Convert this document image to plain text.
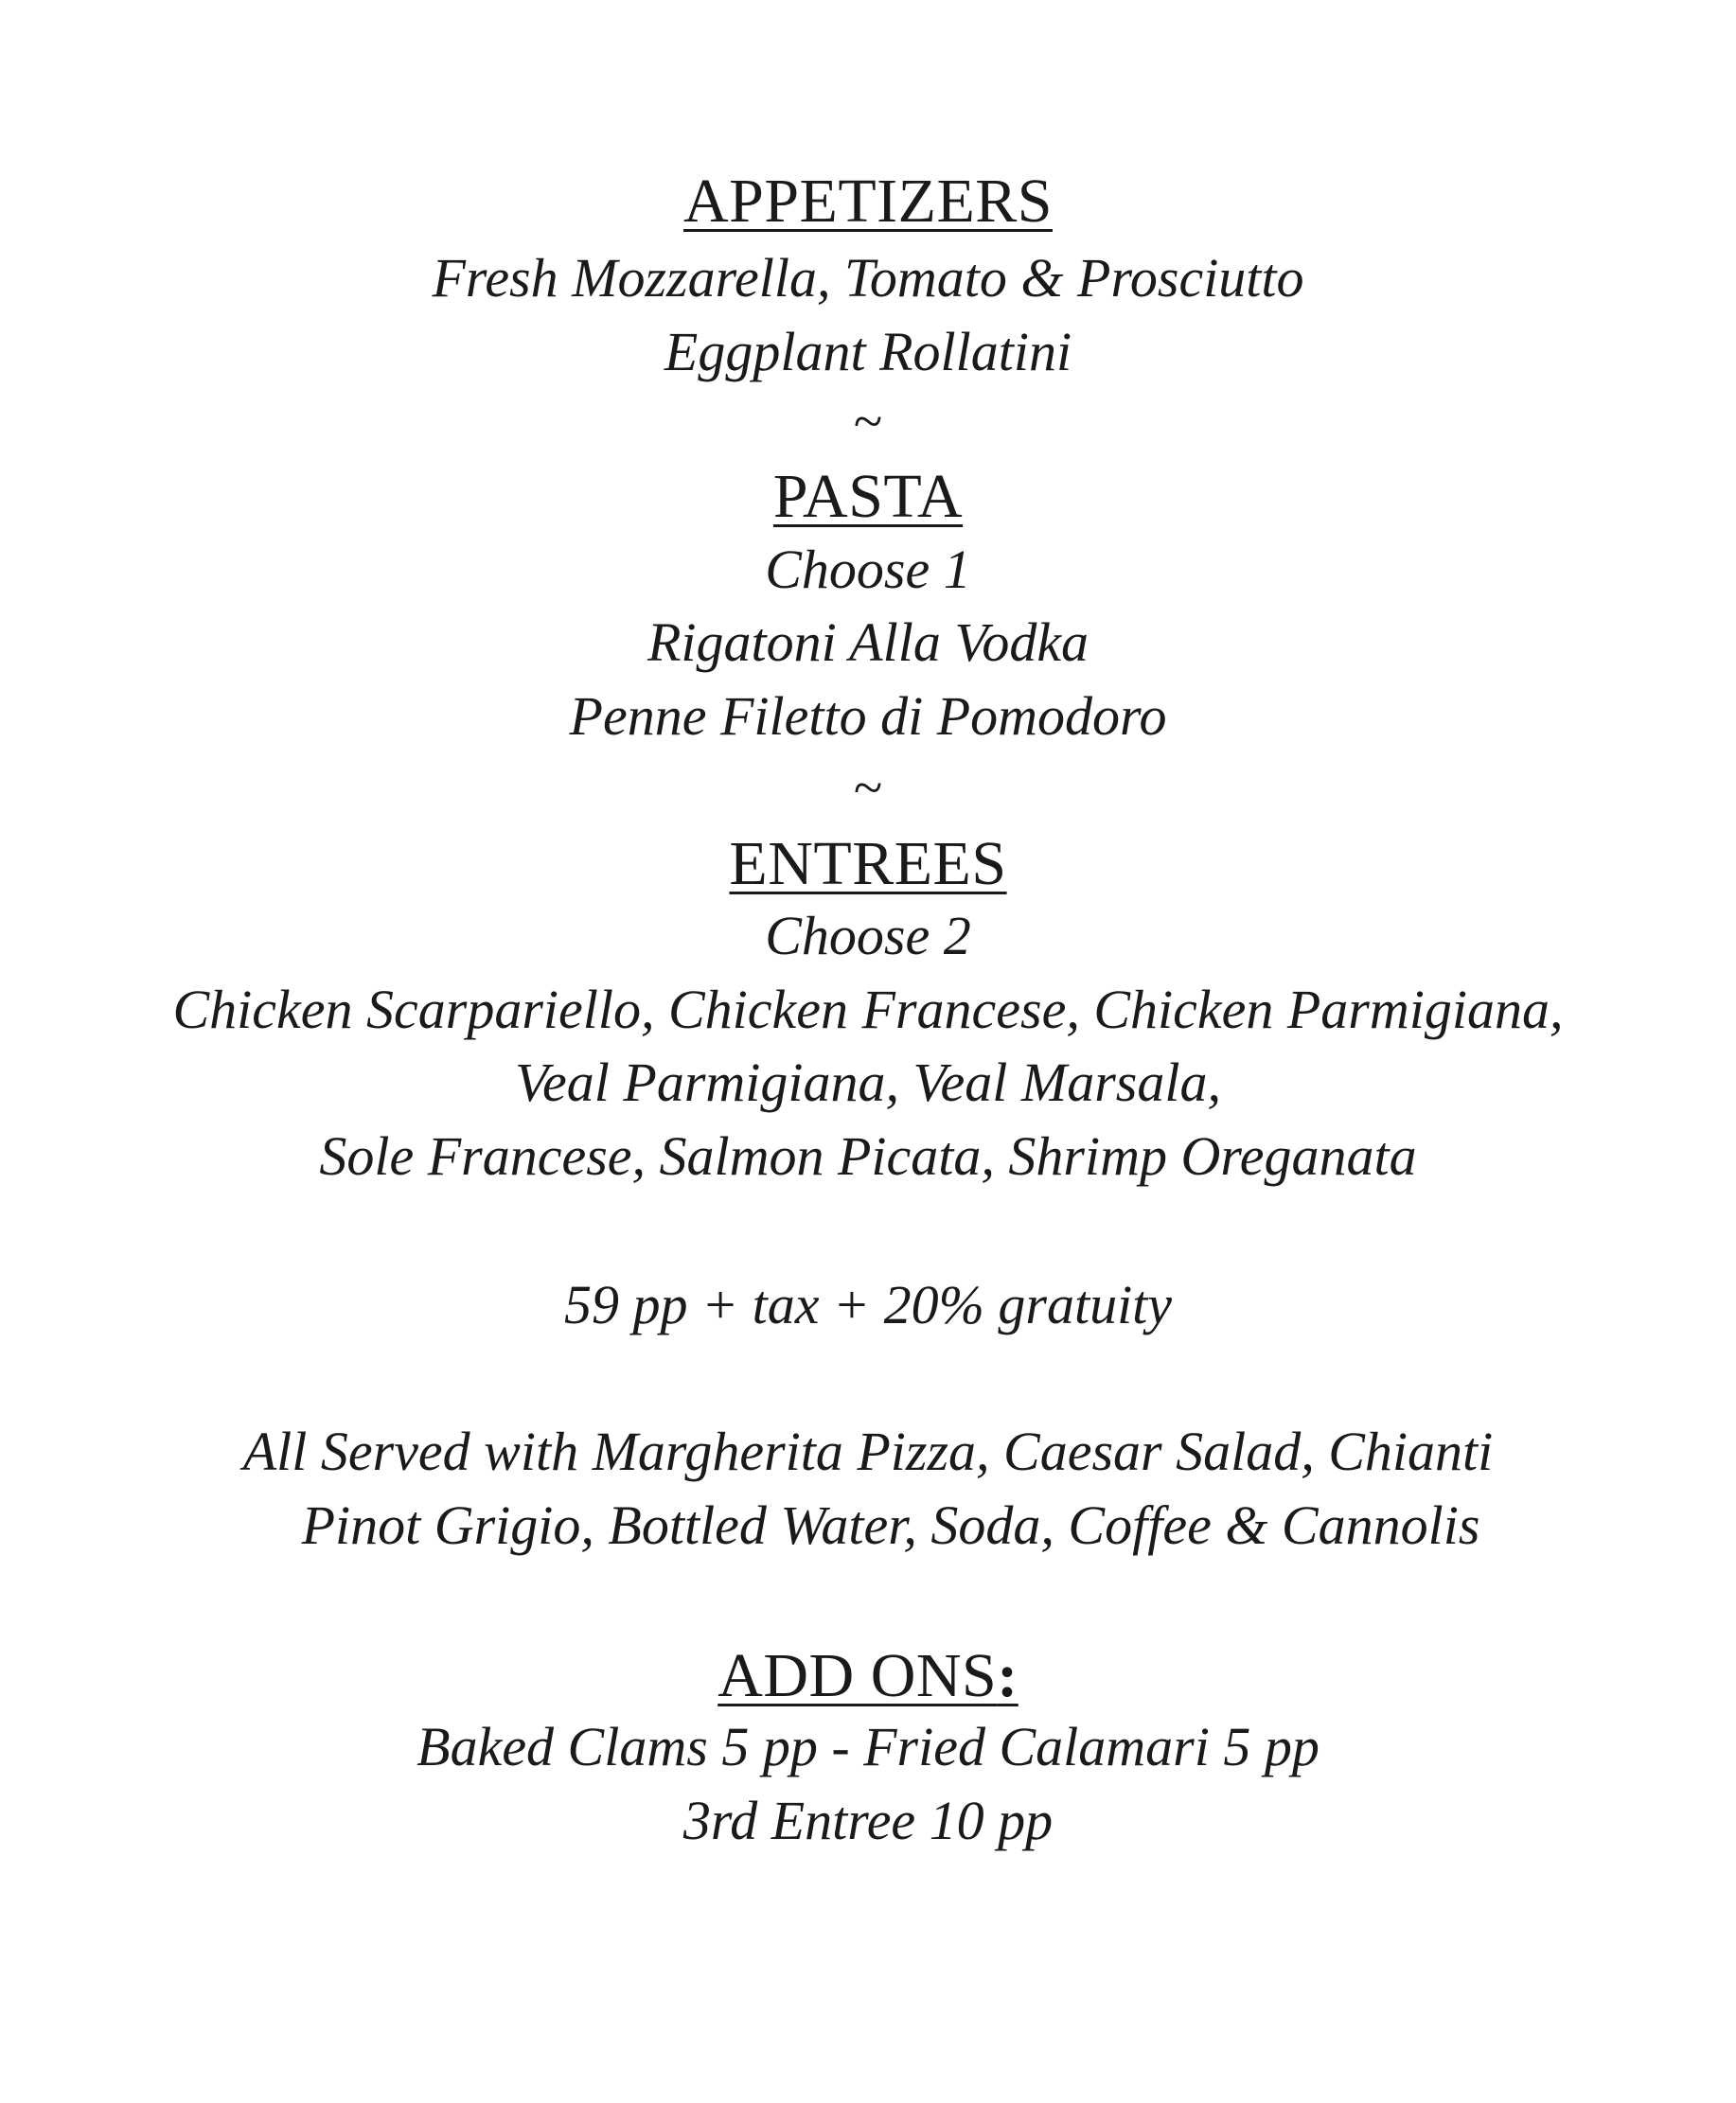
APPETIZERS
Fresh Mozzarella, Tomato & Prosciutto
Eggplant Rollatini
~
PASTA
Choose 1
Rigatoni Alla Vodka
Penne Filetto di Pomodoro
~
ENTREES
Choose 2
Chicken Scarpariello, Chicken Francese, Chicken Parmigiana,
Veal Parmigiana, Veal Marsala,
Sole Francese, Salmon Picata, Shrimp Oreganata
59 pp + tax + 20% gratuity
All Served with Margherita Pizza, Caesar Salad, Chianti
Pinot Grigio, Bottled Water, Soda, Coffee & Cannolis
ADD ONS:
Baked Clams 5 pp - Fried Calamari 5 pp
3rd Entree 10 pp
